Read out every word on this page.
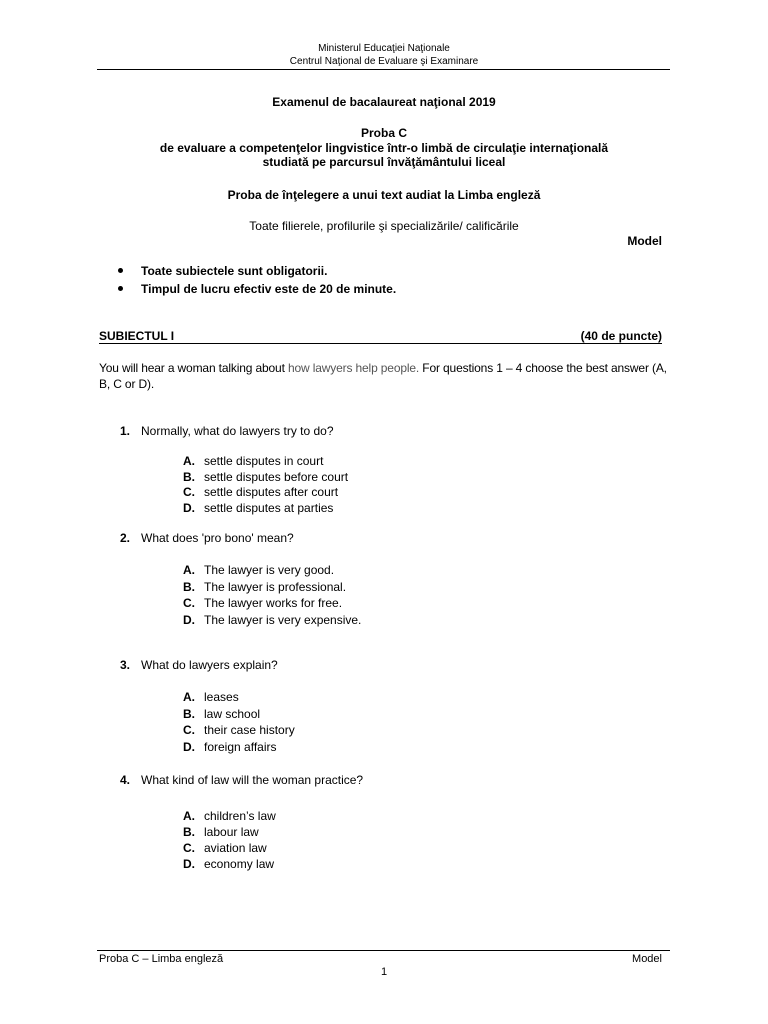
Ministerul Educaţiei Naţionale
Centrul Naţional de Evaluare şi Examinare
Examenul de bacalaureat naţional 2019
Proba C
de evaluare a competenţelor lingvistice într-o limbă de circulaţie internaţională
studiată pe parcursul învăţământului liceal
Proba de înţelegere a unui text audiat la Limba engleză
Toate filierele, profilurile şi specializările/ calificările
Model
Toate subiectele sunt obligatorii.
Timpul de lucru efectiv este de 20 de minute.
SUBIECTUL I	(40 de puncte)
You will hear a woman talking about how lawyers help people. For questions 1 – 4 choose the best answer (A, B, C or D).
1. Normally, what do lawyers try to do?
A. settle disputes in court
B. settle disputes before court
C. settle disputes after court
D. settle disputes at parties
2. What does 'pro bono' mean?
A. The lawyer is very good.
B. The lawyer is professional.
C. The lawyer works for free.
D. The lawyer is very expensive.
3. What do lawyers explain?
A. leases
B. law school
C. their case history
D. foreign affairs
4. What kind of law will the woman practice?
A. children’s law
B. labour law
C. aviation law
D. economy law
Proba C – Limba engleză	Model
1
